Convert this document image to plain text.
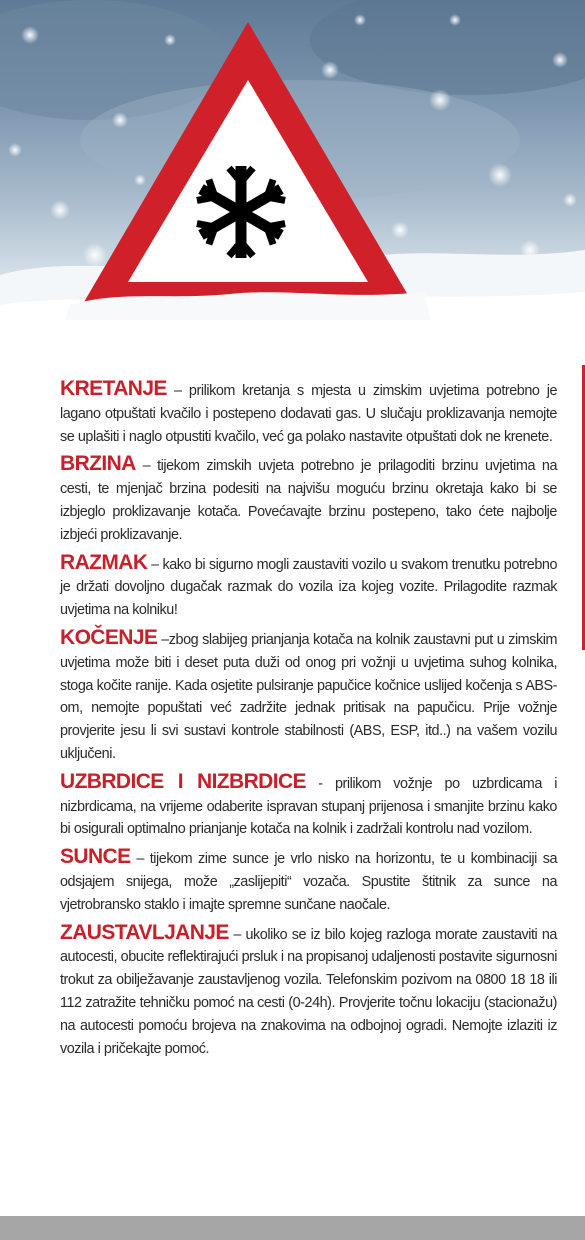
KRETANJE – prilikom kretanja s mjesta u zimskim uvjetima potrebno je lagano otpuštati kvačilo i postepeno dodavati gas. U slučaju proklizavanja nemojte se uplašiti i naglo otpustiti kvačilo, već ga polako nastavite otpuštati dok ne krenete.

BRZINA – tijekom zimskih uvjeta potrebno je prilagoditi brzinu uvjetima na cesti, te mjenjač brzina podesiti na najvišu moguću brzinu okretaja kako bi se izbjeglo proklizavanje kotača. Povećavajte brzinu postepeno, tako ćete najbolje izbjeći proklizavanje.

RAZMAK – kako bi sigurno mogli zaustaviti vozilo u svakom trenutku potrebno je držati dovoljno dugačak razmak do vozila iza kojeg vozite. Prilagodite razmak uvjetima na kolniku!

KOČENJE –zbog slabijeg prianjanja kotača na kolnik zaustavni put u zimskim uvjetima može biti i deset puta duži od onog pri vožnji u uvjetima suhog kolnika, stoga kočite ranije. Kada osjetite pulsiranje papučice kočnice uslijed kočenja s ABS-om, nemojte popuštati već zadržite jednak pritisak na papučicu. Prije vožnje provjerite jesu li svi sustavi kontrole stabilnosti (ABS, ESP, itd..) na vašem vozilu uključeni.

UZBRDICE I NIZBRDICE - prilikom vožnje po uzbrdicama i nizbrdicama, na vrijeme odaberite ispravan stupanj prijenosa i smanjite brzinu kako bi osigurali optimalno prianjanje kotača na kolnik i zadržali kontrolu nad vozilom.

SUNCE – tijekom zime sunce je vrlo nisko na horizontu, te u kombinaciji sa odsjajem snijega, može „zaslijepiti“ vozača. Spustite štitnik za sunce na vjetrobransko staklo i imajte spremne sunčane naočale.

ZAUSTAVLJANJE – ukoliko se iz bilo kojeg razloga morate zaustaviti na autocesti, obucite reflektirajući prsluk i na propisanoj udaljenosti postavite sigurnosni trokut za obilježavanje zaustavljenog vozila. Telefonskim pozivom na 0800 18 18 ili 112 zatražite tehničku pomoć na cesti (0-24h). Provjerite točnu lokaciju (stacionažu) na autocesti pomoću brojeva na znakovima na odbojnoj ogradi. Nemojte izlaziti iz vozila i pričekajte pomoć.
